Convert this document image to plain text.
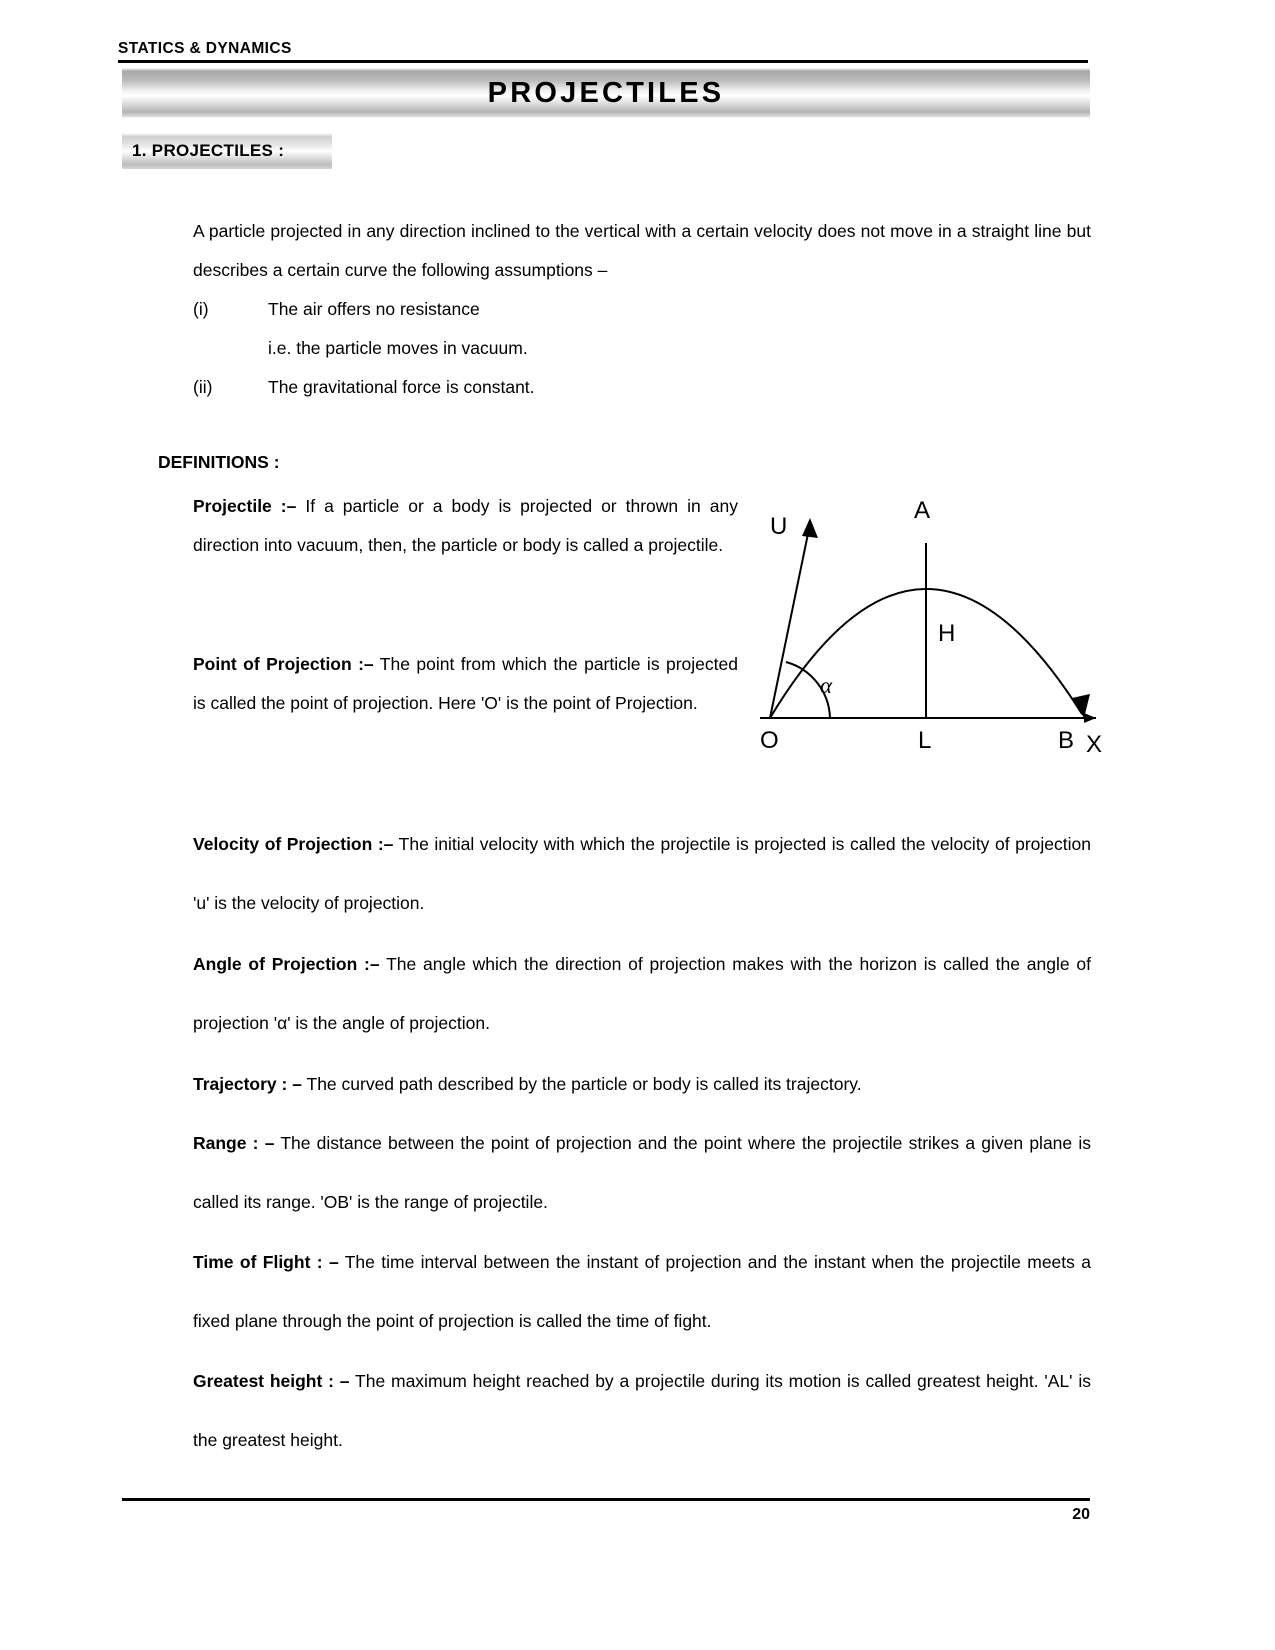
STATICS & DYNAMICS
PROJECTILES
1. PROJECTILES :
A particle projected in any direction inclined to the vertical with a certain velocity does not move in a straight line but describes a certain curve the following assumptions –
(i)	The air offers no resistance
i.e. the particle moves in vacuum.
(ii)	The gravitational force is constant.
DEFINITIONS :
Projectile :– If a particle or a body is projected or thrown in any direction into vacuum, then, the particle or body is called a projectile.
Point of Projection :– The point from which the particle is projected is called the point of projection. Here 'O' is the point of Projection.
U
A
H
α
O	L	B X
Velocity of Projection :– The initial velocity with which the projectile is projected is called the velocity of projection 'u' is the velocity of projection.
Angle of Projection :– The angle which the direction of projection makes with the horizon is called the angle of projection 'α' is the angle of projection.
Trajectory : – The curved path described by the particle or body is called its trajectory.
Range : – The distance between the point of projection and the point where the projectile strikes a given plane is called its range. 'OB' is the range of projectile.
Time of Flight : – The time interval between the instant of projection and the instant when the projectile meets a fixed plane through the point of projection is called the time of fight.
Greatest height : – The maximum height reached by a projectile during its motion is called greatest height. 'AL' is the greatest height.
20
